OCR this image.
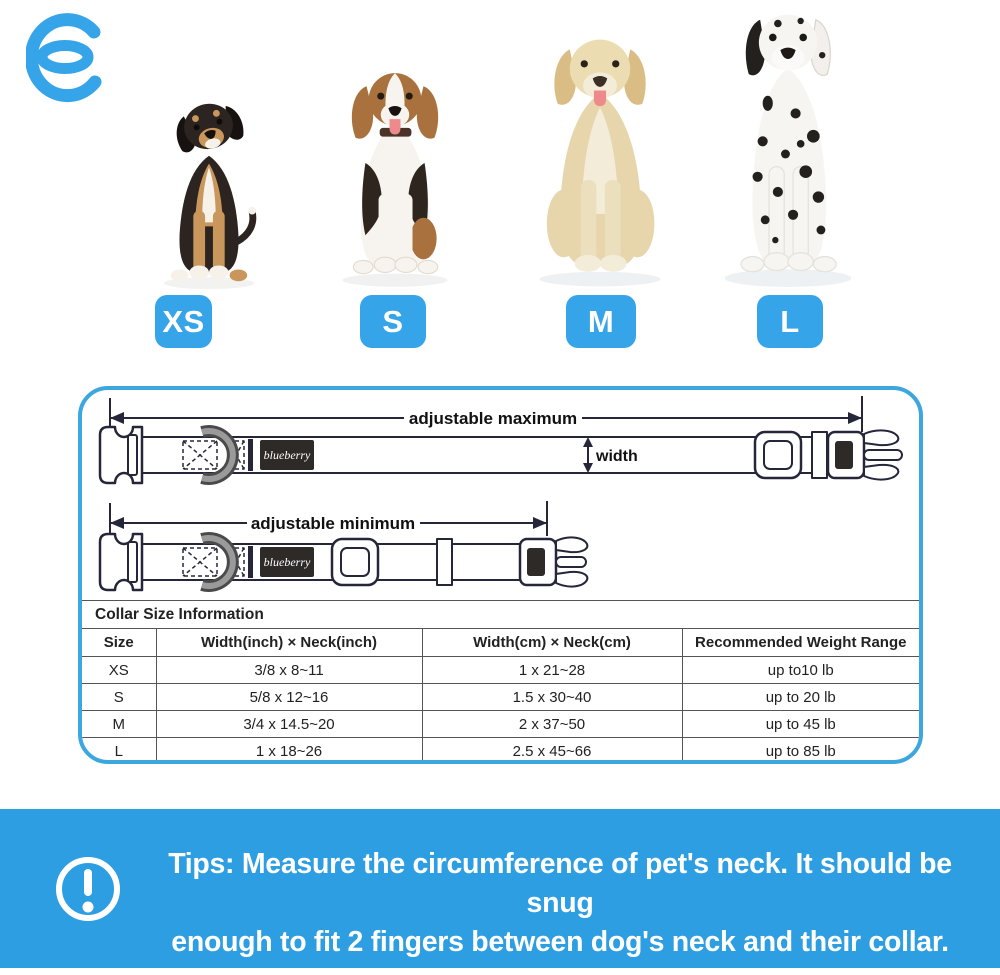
XS	S	M	L
adjustable maximum
blueberry	width
adjustable minimum
blueberry
Collar Size Information			
Size	Width(inch) × Neck(inch)	Width(cm) × Neck(cm)	Recommended Weight Range
XS	3/8 x 8~11	1 x 21~28	up to10 lb
S	5/8 x 12~16	1.5 x 30~40	up to 20 lb
M	3/4 x 14.5~20	2 x 37~50	up to 45 lb
L	1 x 18~26	2.5 x 45~66	up to 85 lb
Tips: Measure the circumference of pet's neck. It should be snug
enough to fit 2 fingers between dog's neck and their collar.
